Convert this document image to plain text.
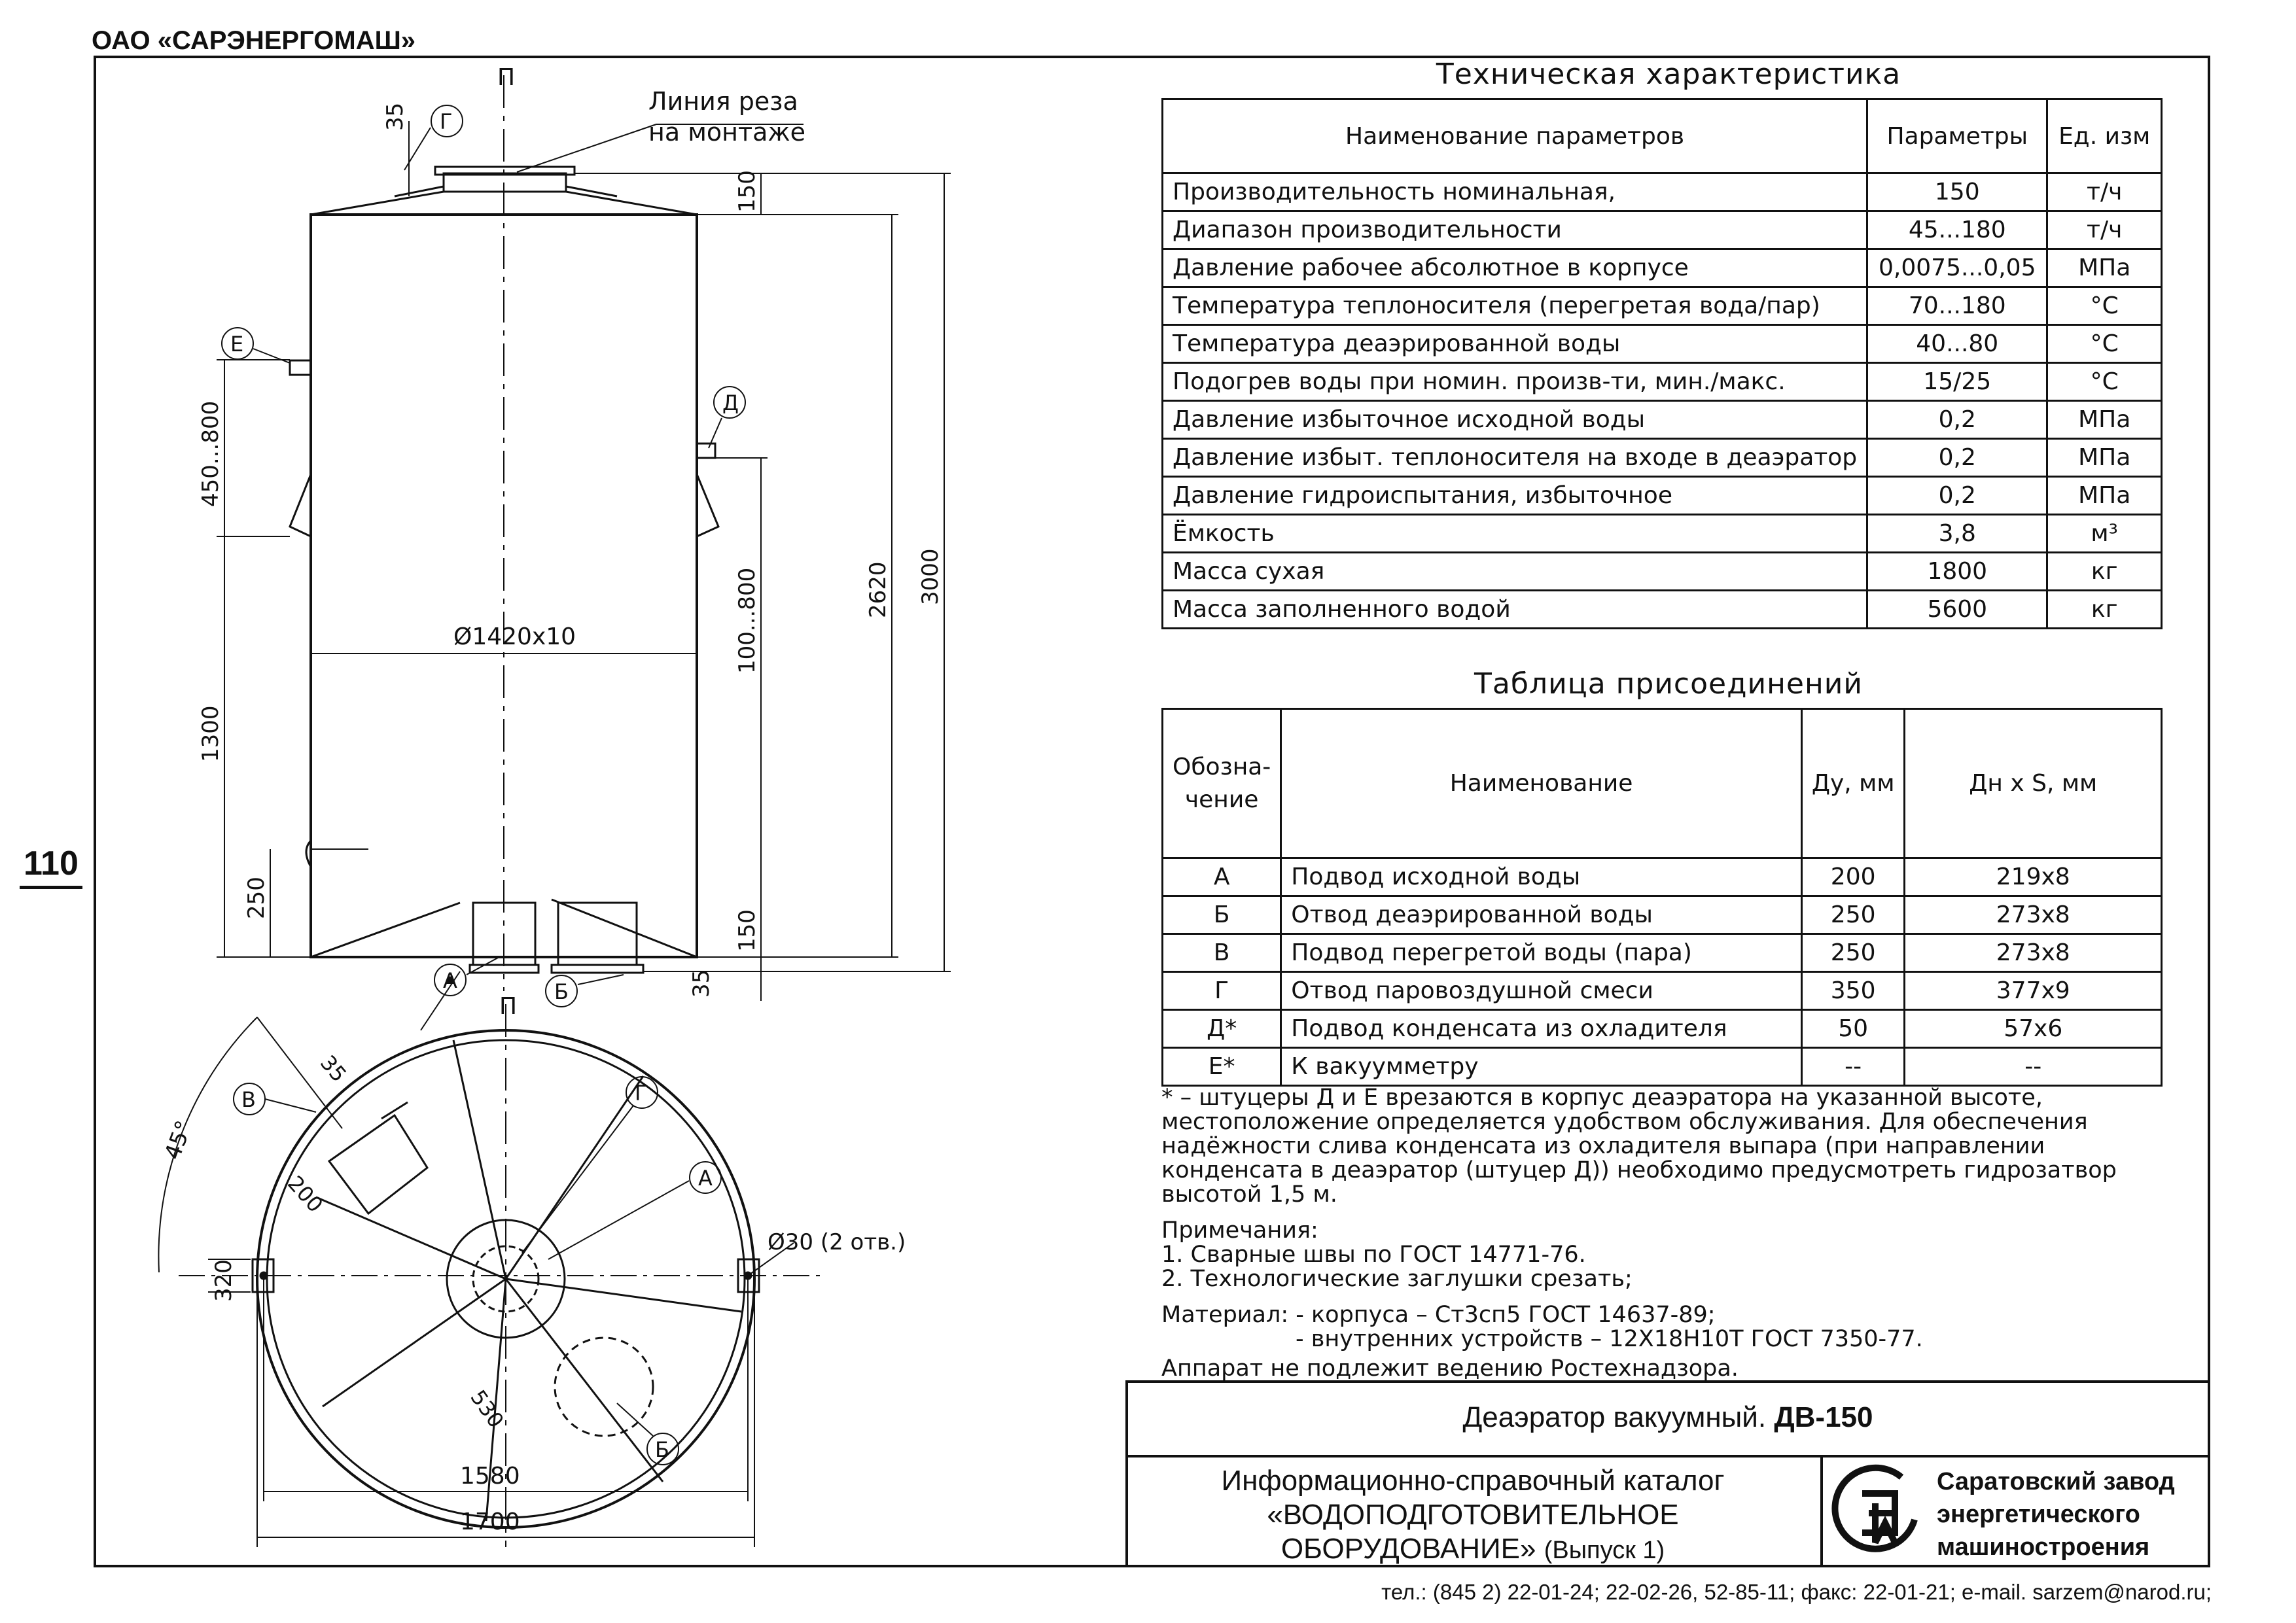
ОАО «САРЭНЕРГОМАШ»
110
П
Ø1420x10
Линия реза
на монтаже
450...800
1300
250
35
150
2620 3000
100...800
150
35
Г
Е
Д
А	Б
П
1580
1700
320
45°
35
200
530
Ø30 (2 отв.)
В	Г
А
Б
Техническая характеристика
Наименование параметров	Параметры	Ед. изм
Производительность номинальная,	150	т/ч
Диапазон производительности	45...180	т/ч
Давление рабочее абсолютное в корпусе	0,0075...0,05	МПа
Температура теплоносителя (перегретая вода/пар)	70...180	°C
Температура деаэрированной воды	40...80	°C
Подогрев воды при номин. произв-ти, мин./макс.	15/25	°C
Давление избыточное исходной воды	0,2	МПа
Давление избыт. теплоносителя на входе в деаэратор	0,2	МПа
Давление гидроиспытания, избыточное	0,2	МПа
Ёмкость	3,8	м³
Масса сухая	1800	кг
Масса заполненного водой	5600	кг
Таблица присоединений
Обозна-
чение	Наименование	Ду, мм	Дн х S, мм
А	Подвод исходной воды	200	219х8
Б	Отвод деаэрированной воды	250	273х8
В	Подвод перегретой воды (пара)	250	273х8
Г	Отвод паровоздушной смеси	350	377х9
Д*	Подвод конденсата из охладителя	50	57х6
Е*	К вакуумметру	--	--

* – штуцеры Д и Е врезаются в корпус деаэратора на указанной высоте, местоположение определяется удобством обслуживания. Для обеспечения надёжности слива конденсата из охладителя выпара (при направлении конденсата в деаэратор (штуцер Д)) необходимо предусмотреть гидрозатвор высотой 1,5 м.

Примечания:

1. Сварные швы по ГОСТ 14771-76.

2. Технологические заглушки срезать;

Материал: - корпуса – Ст3сп5 ГОСТ 14637-89;

- внутренних устройств – 12Х18Н10Т ГОСТ 7350-77.

Аппарат не подлежит ведению Ростехнадзора.

Деаэратор вакуумный.
ДВ-150
Информационно-справочный каталог
«ВОДОПОДГОТОВИТЕЛЬНОЕ
ОБОРУДОВАНИЕ» (Выпуск 1)
Саратовский завод
энергетического
машиностроения
тел.: (845 2) 22-01-24; 22-02-26, 52-85-11; факс: 22-01-21; e-mail. sarzem@narod.ru;
